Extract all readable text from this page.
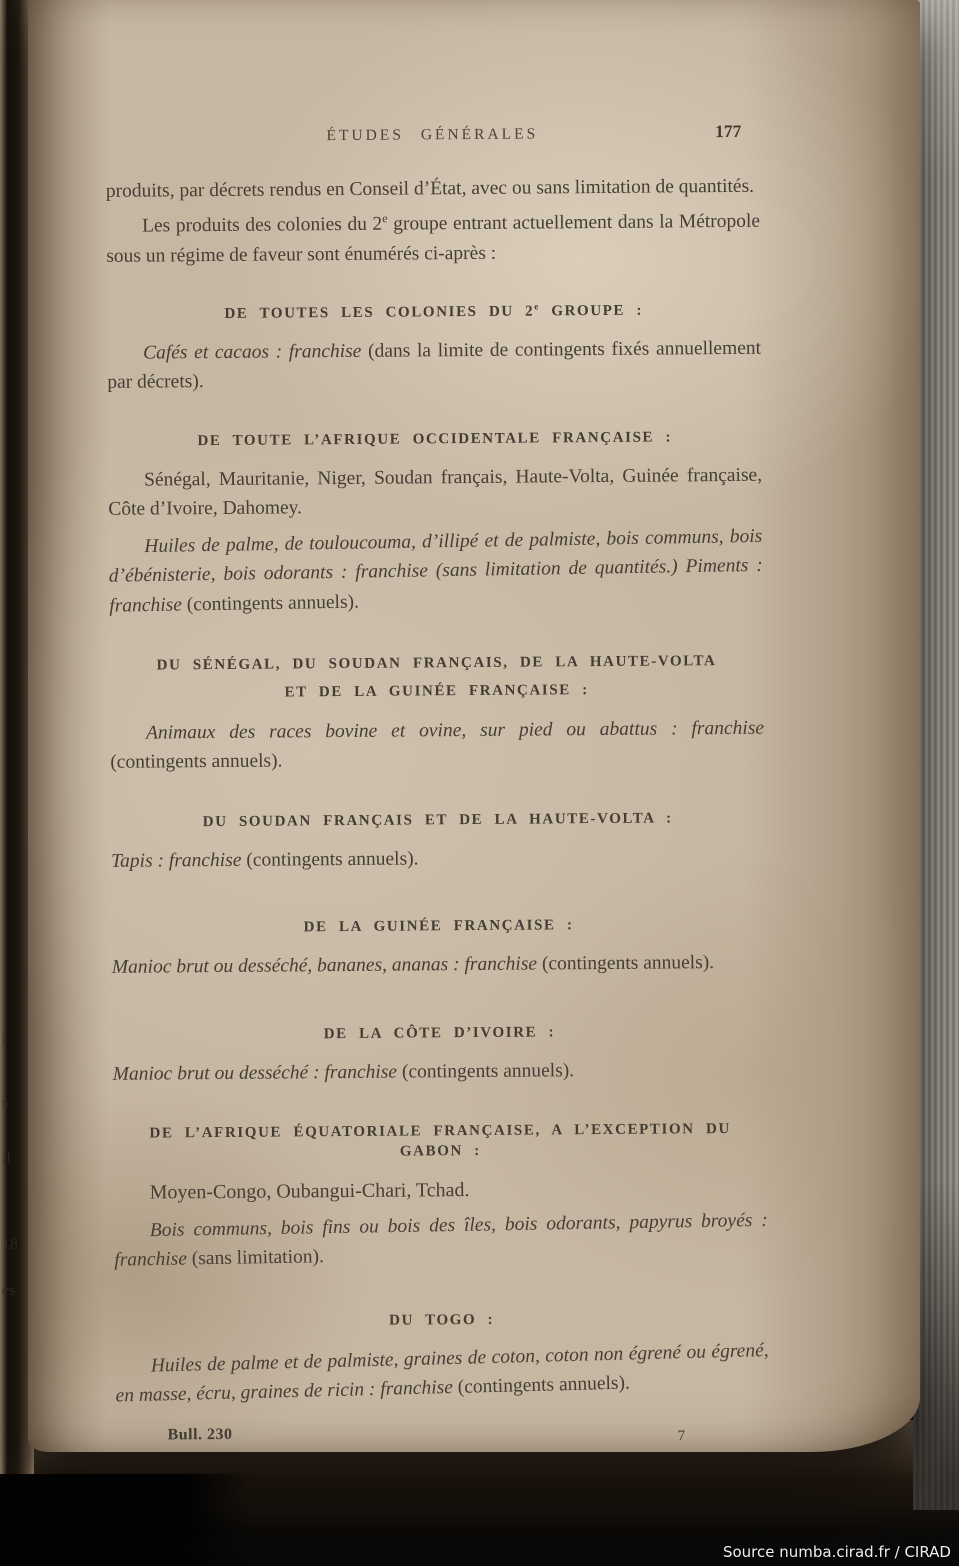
i
s
il
18
es
ÉTUDES GÉNÉRALES	177

produits, par décrets rendus en Conseil d’État, avec ou sans limitation de quantités.

Les produits des colonies du 2e groupe entrant actuellement dans la Métropole sous un régime de faveur sont énumérés ci-après :

DE TOUTES LES COLONIES DU 2e GROUPE :

Cafés et cacaos : franchise (dans la limite de contingents fixés annuellement par décrets).

DE TOUTE L’AFRIQUE OCCIDENTALE FRANÇAISE :

Sénégal, Mauritanie, Niger, Soudan français, Haute-Volta, Guinée française, Côte d’Ivoire, Dahomey.

Huiles de palme, de touloucouma, d’illipé et de palmiste, bois communs, bois d’ébénisterie, bois odorants : franchise (sans limitation de quantités.) Piments : franchise (contingents annuels).

DU SÉNÉGAL, DU SOUDAN FRANÇAIS, DE LA HAUTE-VOLTA
ET DE LA GUINÉE FRANÇAISE :

Animaux des races bovine et ovine, sur pied ou abattus : franchise (contingents annuels).

DU SOUDAN FRANÇAIS ET DE LA HAUTE-VOLTA :

Tapis : franchise (contingents annuels).

DE LA GUINÉE FRANÇAISE :

Manioc brut ou desséché, bananes, ananas : franchise (contingents annuels).

DE LA CÔTE D’IVOIRE :

Manioc brut ou desséché : franchise (contingents annuels).

DE L’AFRIQUE ÉQUATORIALE FRANÇAISE, A L’EXCEPTION DU GABON :

Moyen-Congo, Oubangui-Chari, Tchad.

Bois communs, bois fins ou bois des îles, bois odorants, papyrus broyés : franchise (sans limitation).

DU TOGO :

Huiles de palme et de palmiste, graines de coton, coton non égrené ou égrené, en masse, écru, graines de ricin : franchise (contingents annuels).

Bull. 230	7
Source numba.cirad.fr / CIRAD
